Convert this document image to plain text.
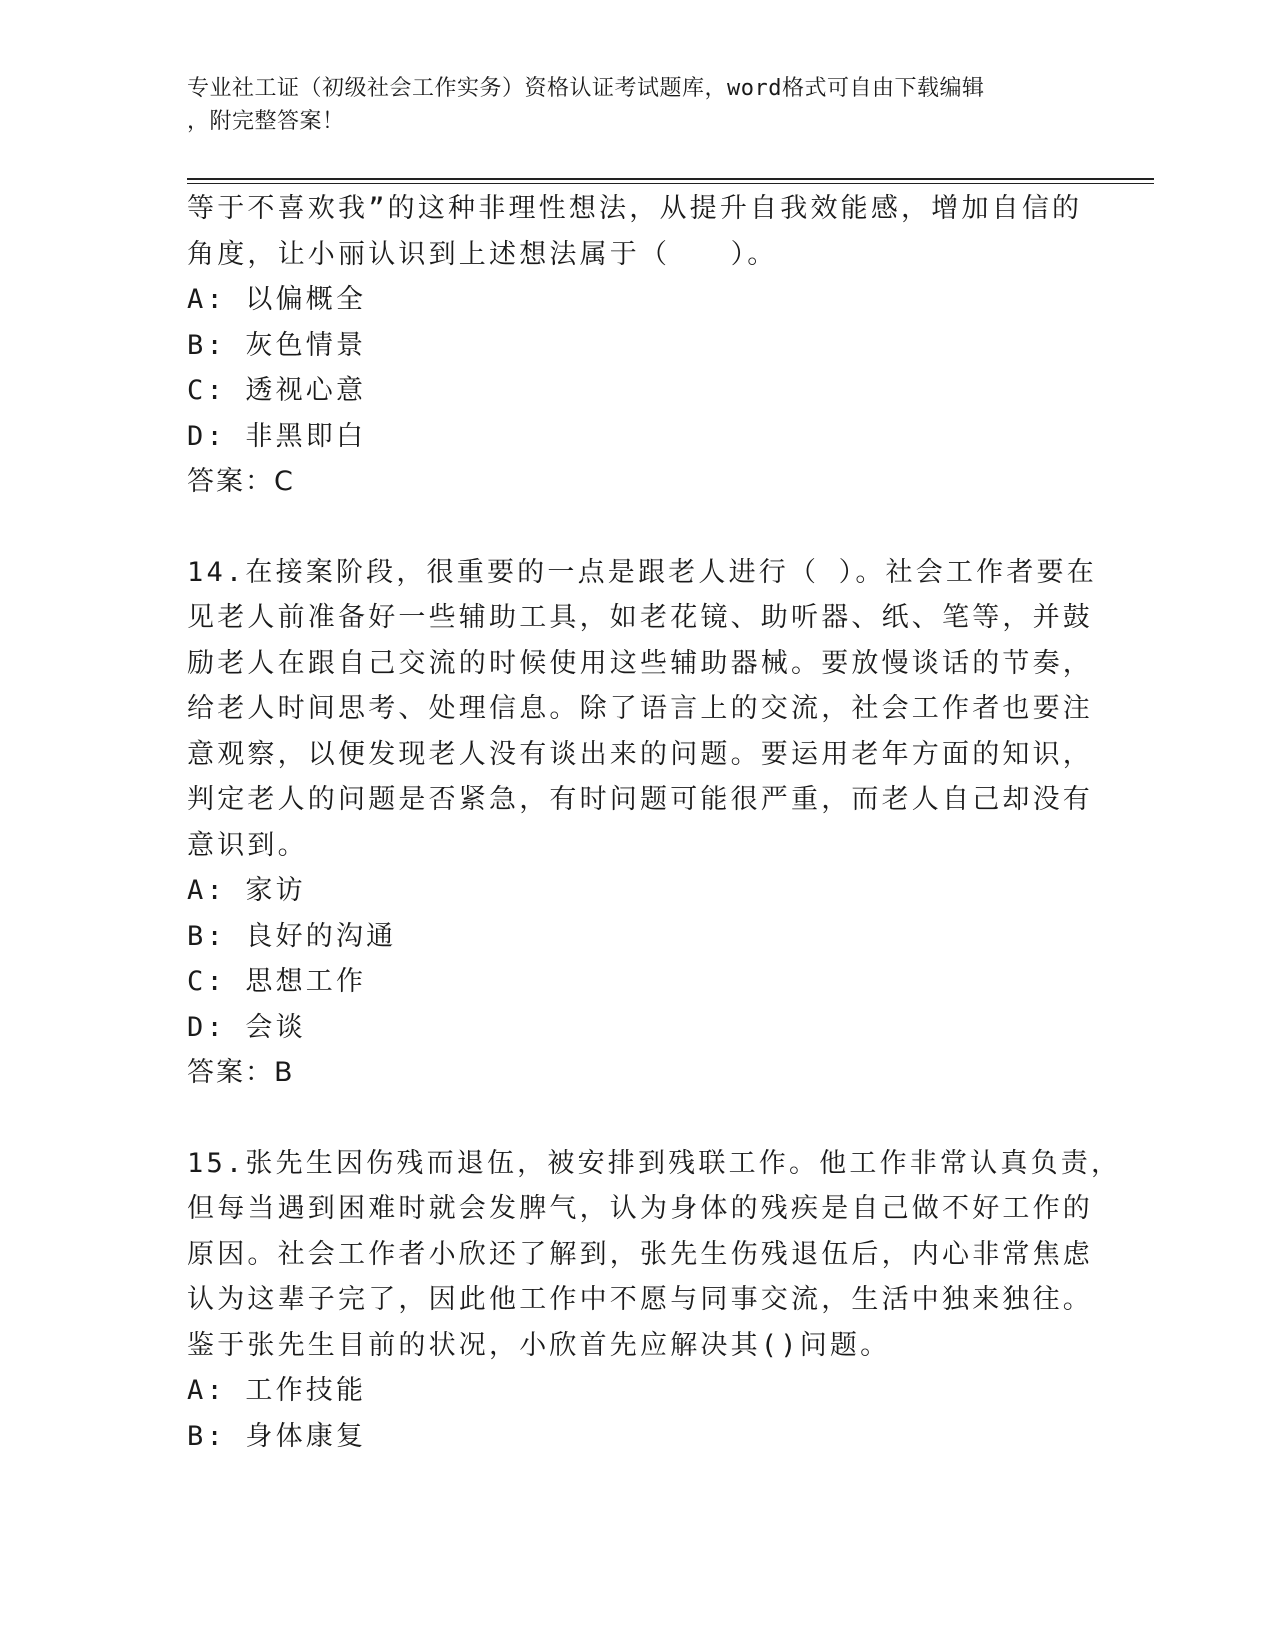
专业社工证（初级社会工作实务）资格认证考试题库，word格式可自由下载编辑
，附完整答案！
等于不喜欢我”的这种非理性想法，从提升自我效能感，增加自信的
角度，让小丽认识到上述想法属于（　　）。
A: 以偏概全
B: 灰色情景
C: 透视心意
D: 非黑即白
答案：C
14.在接案阶段，很重要的一点是跟老人进行（ ）。社会工作者要在
见老人前准备好一些辅助工具，如老花镜、助听器、纸、笔等，并鼓
励老人在跟自己交流的时候使用这些辅助器械。要放慢谈话的节奏，
给老人时间思考、处理信息。除了语言上的交流，社会工作者也要注
意观察，以便发现老人没有谈出来的问题。要运用老年方面的知识，
判定老人的问题是否紧急，有时问题可能很严重，而老人自己却没有
意识到。
A: 家访
B: 良好的沟通
C: 思想工作
D: 会谈
答案：B
15.张先生因伤残而退伍，被安排到残联工作。他工作非常认真负责，
但每当遇到困难时就会发脾气，认为身体的残疾是自己做不好工作的
原因。社会工作者小欣还了解到，张先生伤残退伍后，内心非常焦虑
认为这辈子完了，因此他工作中不愿与同事交流，生活中独来独往。
鉴于张先生目前的状况，小欣首先应解决其()问题。
A: 工作技能
B: 身体康复
